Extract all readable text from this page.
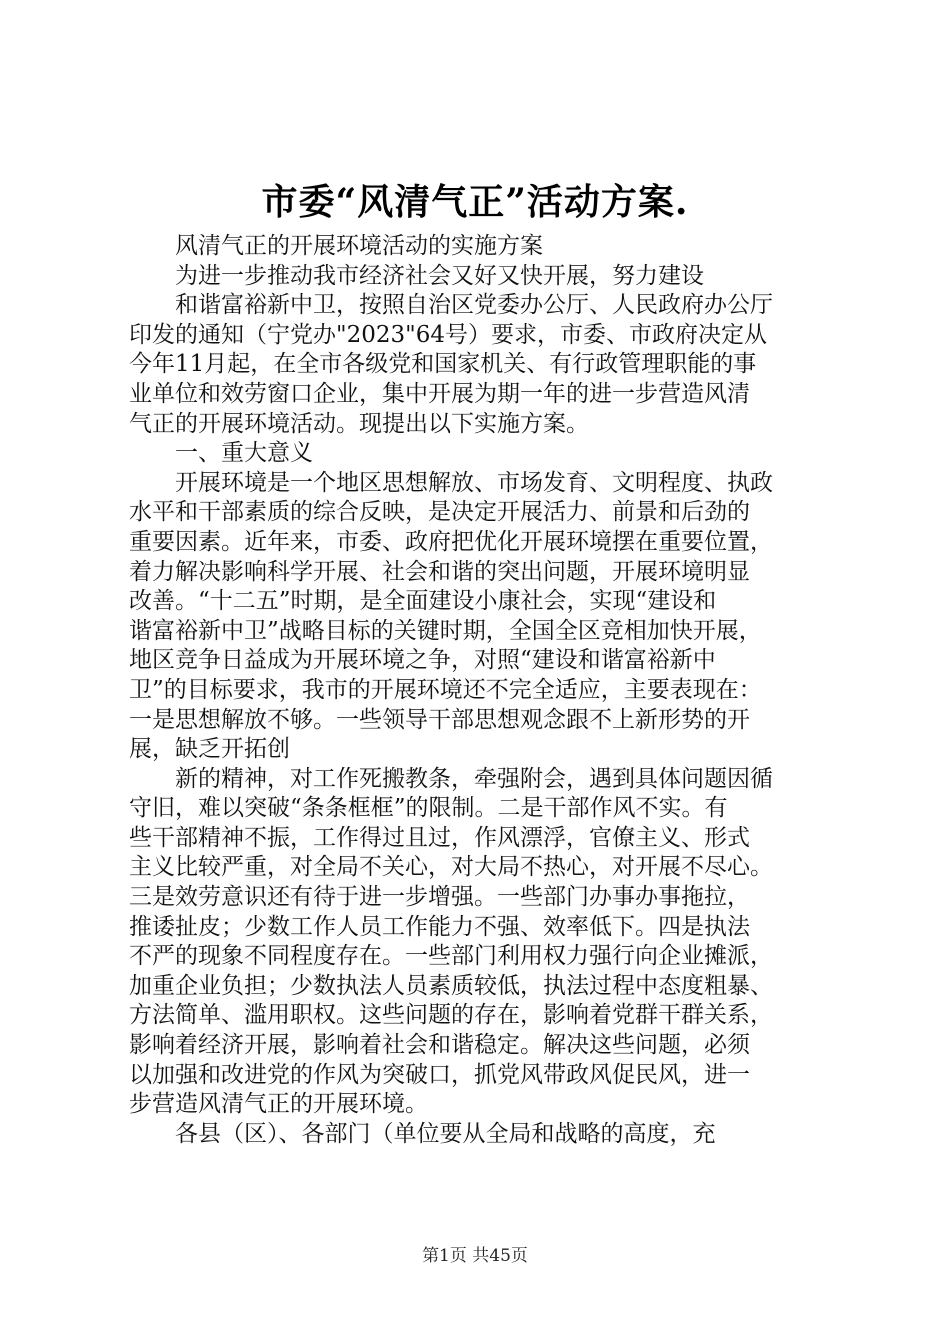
市委“风清气正”活动方案.
风清气正的开展环境活动的实施方案
为进一步推动我市经济社会又好又快开展，努力建设
和谐富裕新中卫，按照自治区党委办公厅、人民政府办公厅
印发的通知（宁党办"2023"64号）要求，市委、市政府决定从
今年11月起，在全市各级党和国家机关、有行政管理职能的事
业单位和效劳窗口企业，集中开展为期一年的进一步营造风清
气正的开展环境活动。现提出以下实施方案。
一、重大意义
开展环境是一个地区思想解放、市场发育、文明程度、执政
水平和干部素质的综合反映，是决定开展活力、前景和后劲的
重要因素。近年来，市委、政府把优化开展环境摆在重要位置，
着力解决影响科学开展、社会和谐的突出问题，开展环境明显
改善。“十二五”时期，是全面建设小康社会，实现“建设和
谐富裕新中卫”战略目标的关键时期，全国全区竞相加快开展，
地区竞争日益成为开展环境之争，对照“建设和谐富裕新中
卫”的目标要求，我市的开展环境还不完全适应，主要表现在：
一是思想解放不够。一些领导干部思想观念跟不上新形势的开
展，缺乏开拓创
新的精神，对工作死搬教条，牵强附会，遇到具体问题因循
守旧，难以突破“条条框框”的限制。二是干部作风不实。有
些干部精神不振，工作得过且过，作风漂浮，官僚主义、形式
主义比较严重，对全局不关心，对大局不热心，对开展不尽心。
三是效劳意识还有待于进一步增强。一些部门办事办事拖拉，
推诿扯皮；少数工作人员工作能力不强、效率低下。四是执法
不严的现象不同程度存在。一些部门利用权力强行向企业摊派，
加重企业负担；少数执法人员素质较低，执法过程中态度粗暴、
方法简单、滥用职权。这些问题的存在，影响着党群干群关系，
影响着经济开展，影响着社会和谐稳定。解决这些问题，必须
以加强和改进党的作风为突破口，抓党风带政风促民风，进一
步营造风清气正的开展环境。
各县（区）、各部门（单位要从全局和战略的高度，充
第1页 共45页
